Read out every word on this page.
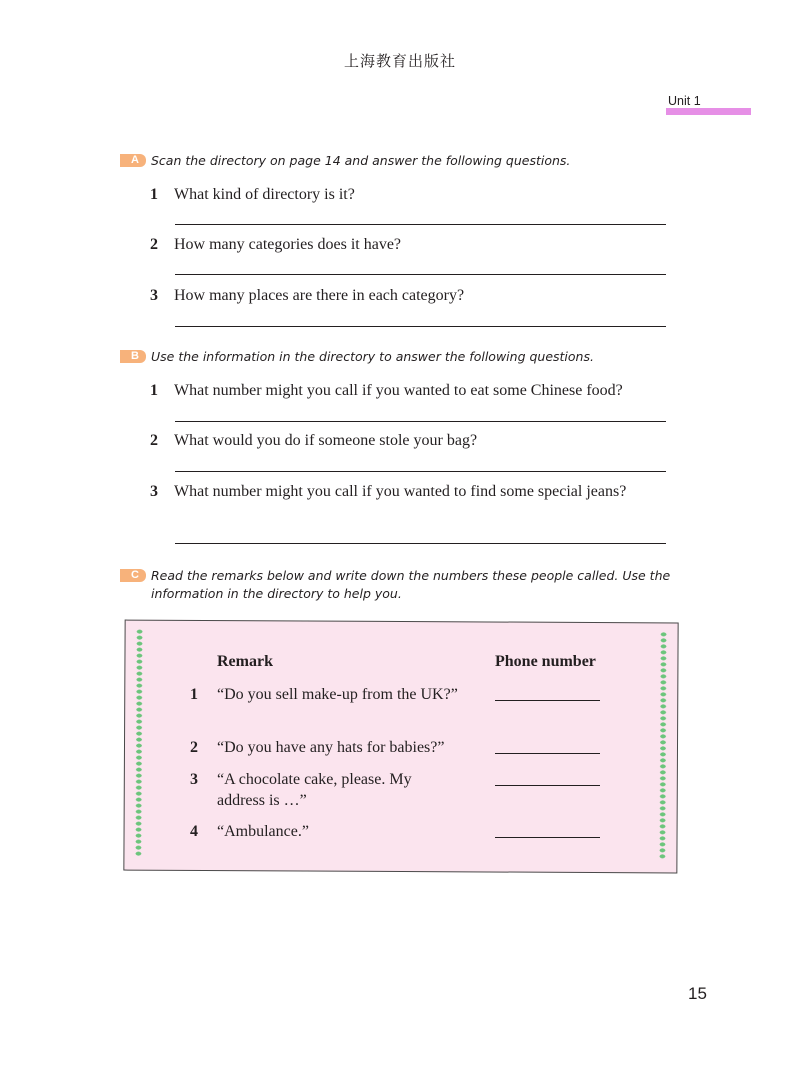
上海教育出版社
Unit 1
A Scan the directory on page 14 and answer the following questions.
1 What kind of directory is it?
2 How many categories does it have?
3 How many places are there in each category?
B Use the information in the directory to answer the following questions.
1 What number might you call if you wanted to eat some Chinese food?
2 What would you do if someone stole your bag?
3 What number might you call if you wanted to find some special jeans?
C Read the remarks below and write down the numbers these people called. Use the information in the directory to help you.
Remark	Phone number
1 “Do you sell make-up from the UK?”
2 “Do you have any hats for babies?”
3 “A chocolate cake, please. My address is …”
4 “Ambulance.”
15
